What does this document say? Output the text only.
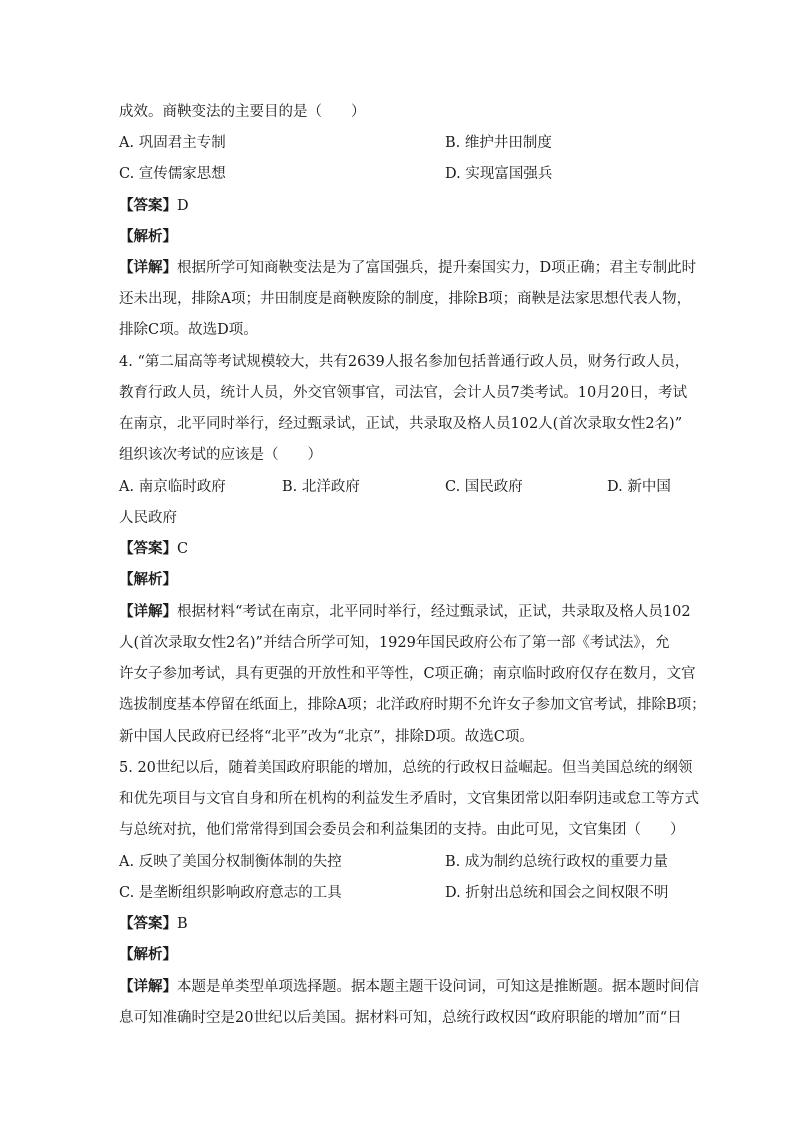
成效。商鞅变法的主要目的是（　　）
A. 巩固君主专制	B. 维护井田制度
C. 宣传儒家思想	D. 实现富国强兵
【答案】D
【解析】
【详解】根据所学可知商鞅变法是为了富国强兵，提升秦国实力，D项正确；君主专制此时
还未出现，排除A项；井田制度是商鞅废除的制度，排除B项；商鞅是法家思想代表人物，
排除C项。故选D项。
4. “第二届高等考试规模较大，共有2639人报名参加包括普通行政人员，财务行政人员，
教育行政人员，统计人员，外交官领事官，司法官，会计人员7类考试。10月20日，考试
在南京，北平同时举行，经过甄录试，正试，共录取及格人员102人(首次录取女性2名)”
组织该次考试的应该是（　　）
A. 南京临时政府	B. 北洋政府	C. 国民政府	D. 新中国
人民政府
【答案】C
【解析】
【详解】根据材料“考试在南京，北平同时举行，经过甄录试，正试，共录取及格人员102
人(首次录取女性2名)”并结合所学可知，1929年国民政府公布了第一部《考试法》，允
许女子参加考试，具有更强的开放性和平等性，C项正确；南京临时政府仅存在数月，文官
选拔制度基本停留在纸面上，排除A项；北洋政府时期不允许女子参加文官考试，排除B项；
新中国人民政府已经将“北平”改为“北京”，排除D项。故选C项。
5. 20世纪以后，随着美国政府职能的增加，总统的行政权日益崛起。但当美国总统的纲领
和优先项目与文官自身和所在机构的利益发生矛盾时，文官集团常以阳奉阴违或怠工等方式
与总统对抗，他们常常得到国会委员会和利益集团的支持。由此可见，文官集团（　　）
A. 反映了美国分权制衡体制的失控	B. 成为制约总统行政权的重要力量
C. 是垄断组织影响政府意志的工具	D. 折射出总统和国会之间权限不明
【答案】B
【解析】
【详解】本题是单类型单项选择题。据本题主题干设问词，可知这是推断题。据本题时间信
息可知准确时空是20世纪以后美国。据材料可知，总统行政权因“政府职能的增加”而“日
